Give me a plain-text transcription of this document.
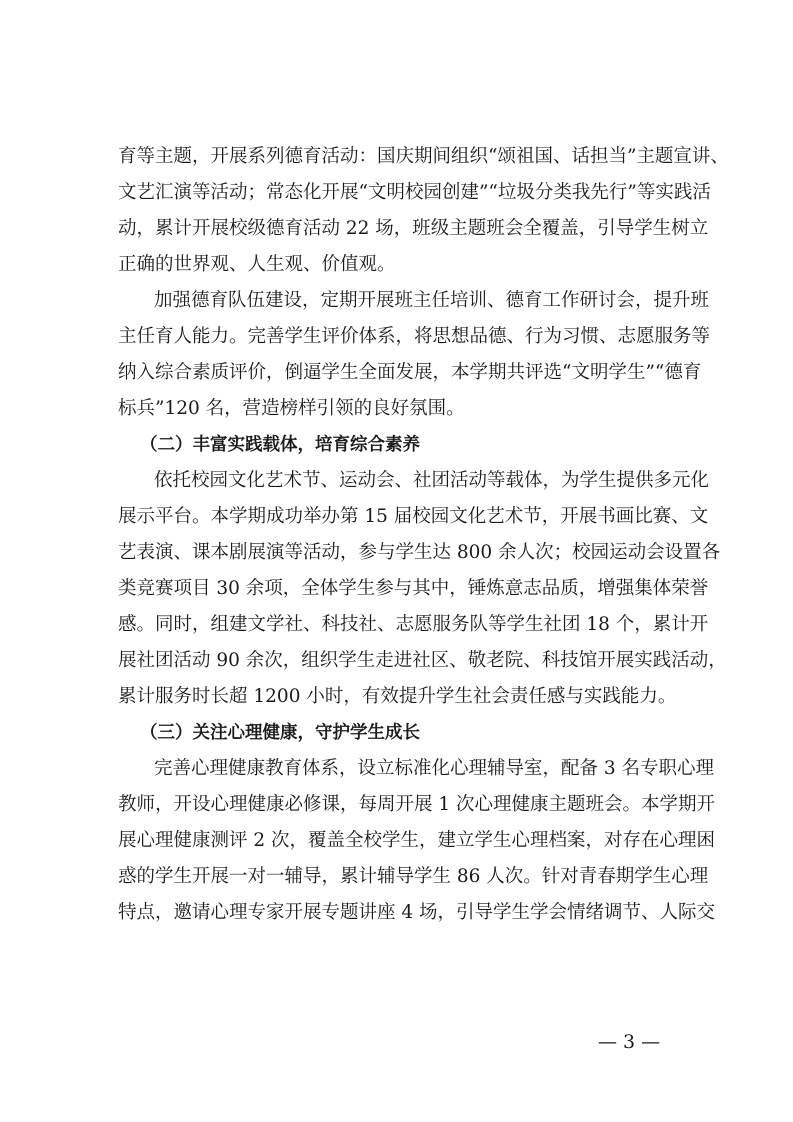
育等主题，开展系列德育活动：国庆期间组织“颂祖国、话担当”主题宣讲、
文艺汇演等活动；常态化开展“文明校园创建”“垃圾分类我先行”等实践活
动，累计开展校级德育活动 22 场，班级主题班会全覆盖，引导学生树立
正确的世界观、人生观、价值观。
加强德育队伍建设，定期开展班主任培训、德育工作研讨会，提升班
主任育人能力。完善学生评价体系，将思想品德、行为习惯、志愿服务等
纳入综合素质评价，倒逼学生全面发展，本学期共评选“文明学生”“德育
标兵”120 名，营造榜样引领的良好氛围。
（二）丰富实践载体，培育综合素养
依托校园文化艺术节、运动会、社团活动等载体，为学生提供多元化
展示平台。本学期成功举办第 15 届校园文化艺术节，开展书画比赛、文
艺表演、课本剧展演等活动，参与学生达 800 余人次；校园运动会设置各
类竞赛项目 30 余项，全体学生参与其中，锤炼意志品质，增强集体荣誉
感。同时，组建文学社、科技社、志愿服务队等学生社团 18 个，累计开
展社团活动 90 余次，组织学生走进社区、敬老院、科技馆开展实践活动，
累计服务时长超 1200 小时，有效提升学生社会责任感与实践能力。
（三）关注心理健康，守护学生成长
完善心理健康教育体系，设立标准化心理辅导室，配备 3 名专职心理
教师，开设心理健康必修课，每周开展 1 次心理健康主题班会。本学期开
展心理健康测评 2 次，覆盖全校学生，建立学生心理档案，对存在心理困
惑的学生开展一对一辅导，累计辅导学生 86 人次。针对青春期学生心理
特点，邀请心理专家开展专题讲座 4 场，引导学生学会情绪调节、人际交
— 3 —
